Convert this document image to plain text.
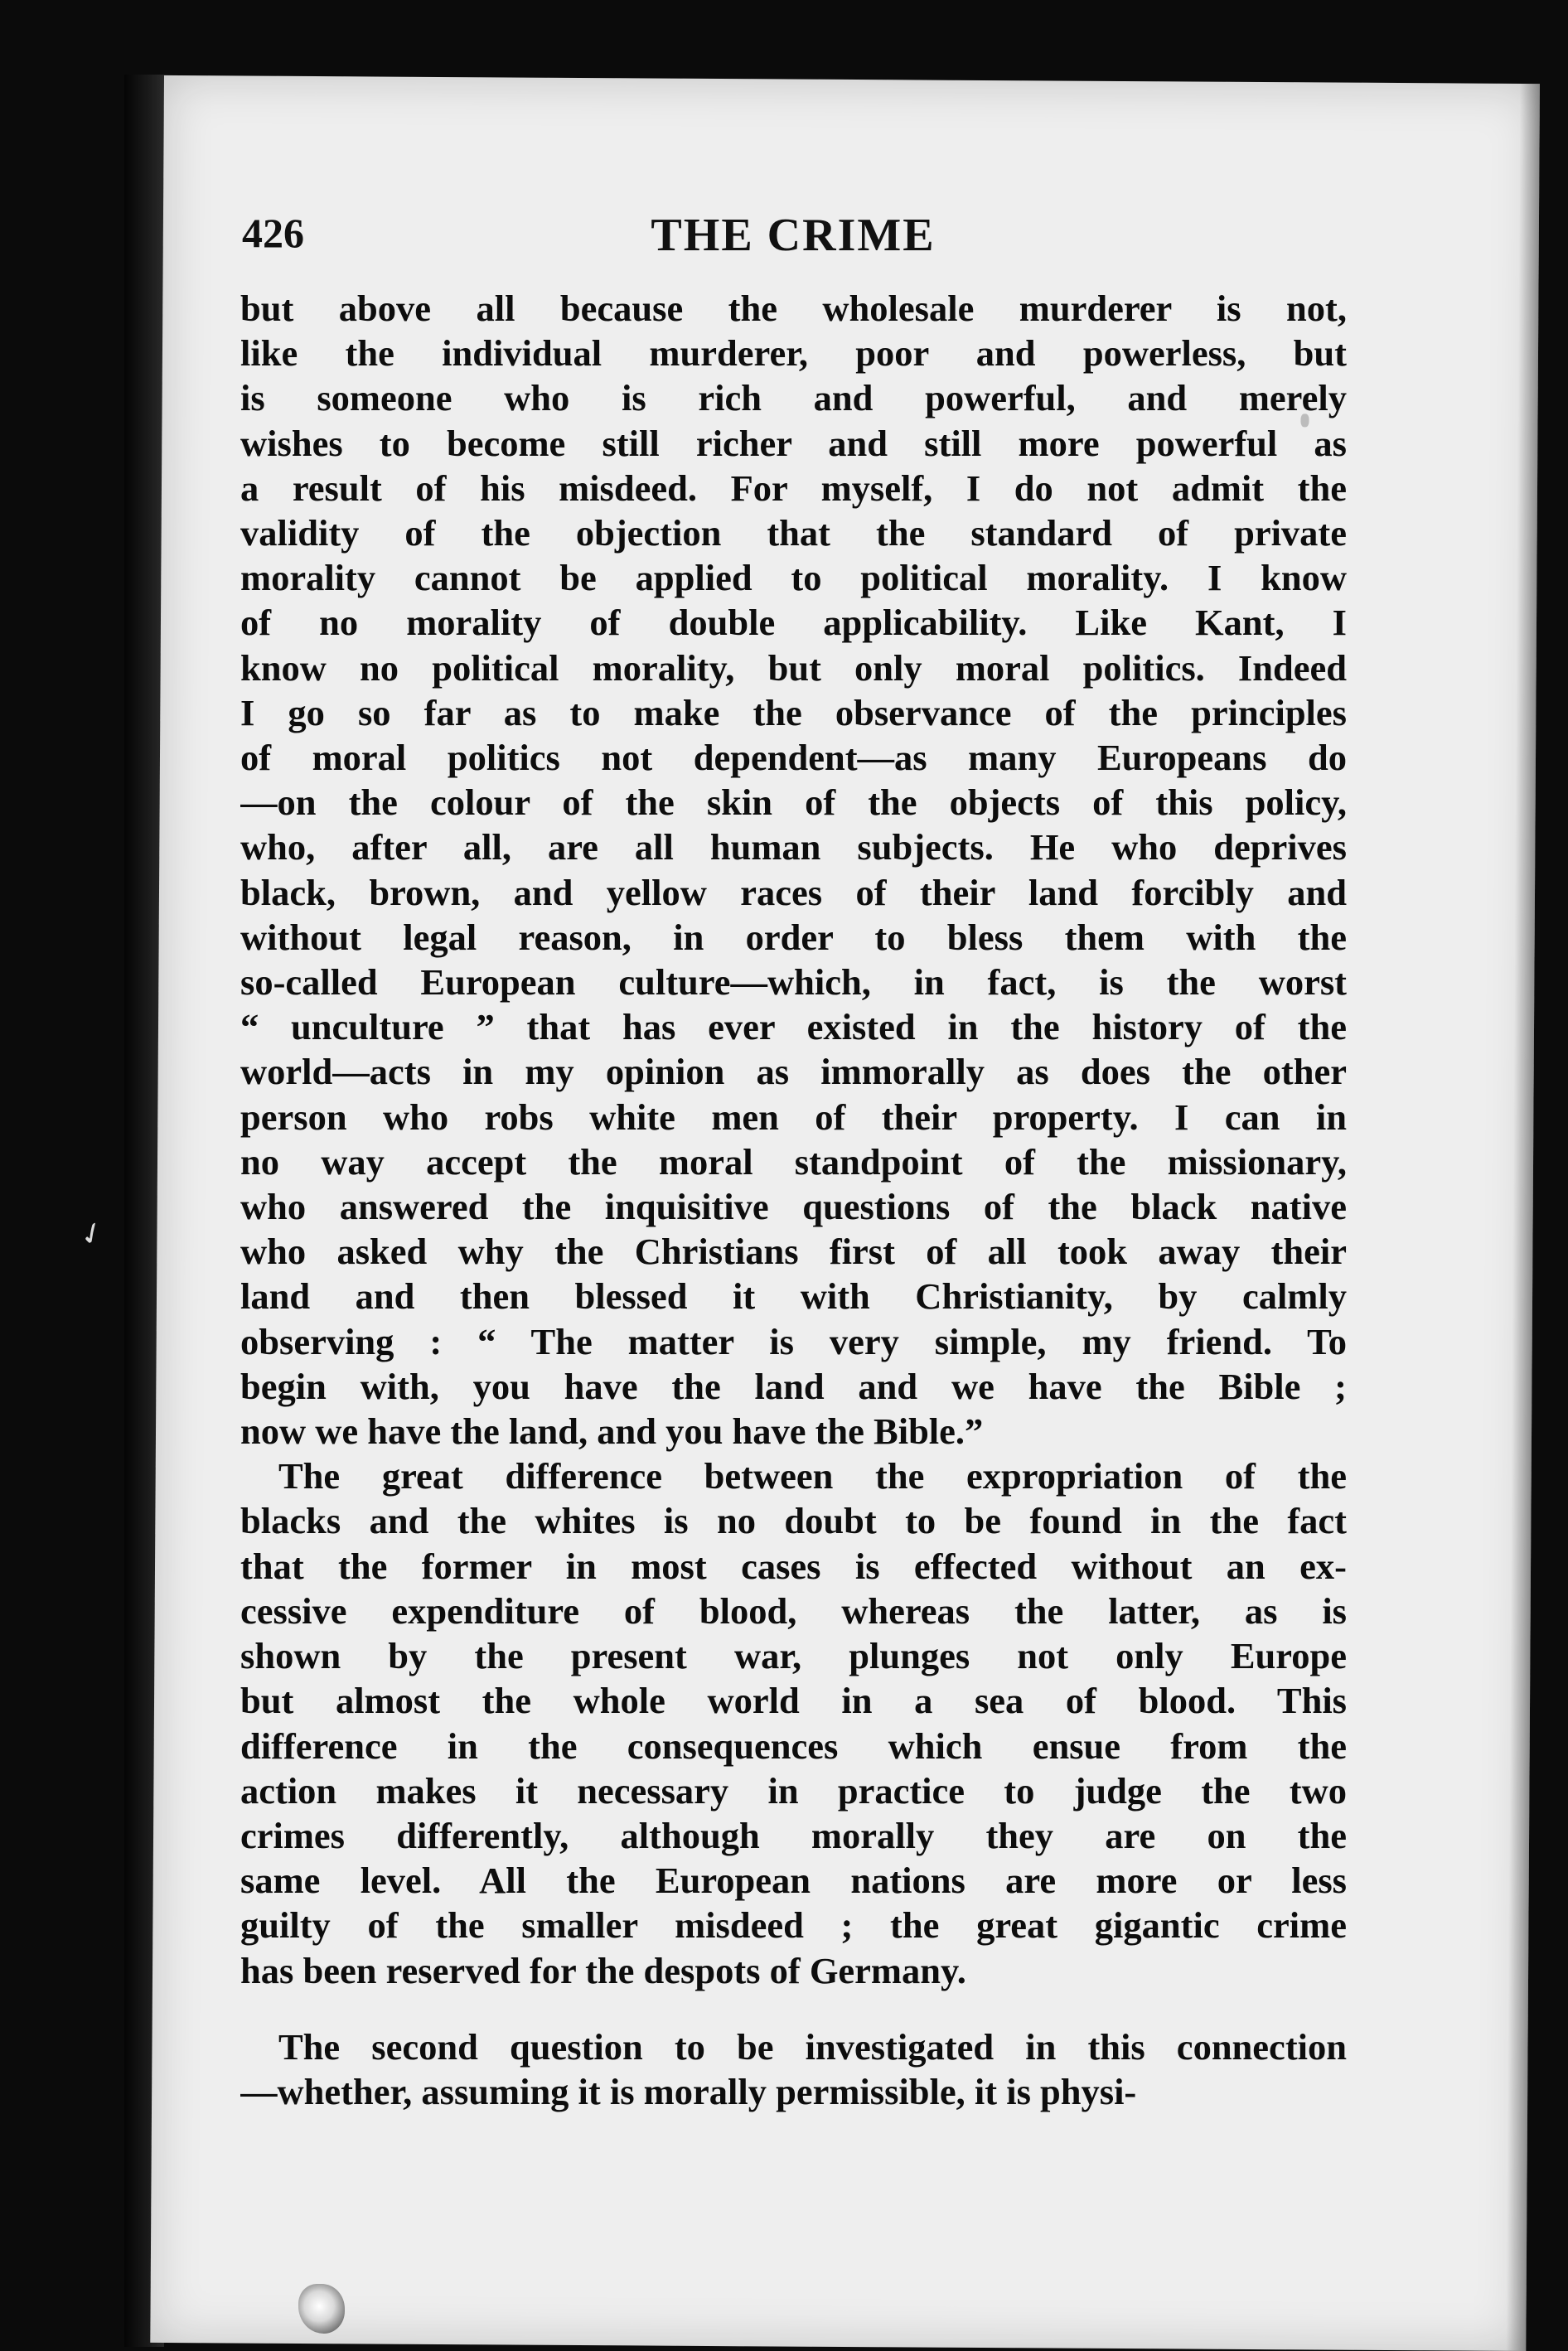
426	THE CRIME

but above all because the wholesale murderer is not,
like the individual murderer, poor and powerless, but
is someone who is rich and powerful, and merely
wishes to become still richer and still more powerful as
a result of his misdeed. For myself, I do not admit the
validity of the objection that the standard of private
morality cannot be applied to political morality. I know
of no morality of double applicability. Like Kant, I
know no political morality, but only moral politics. Indeed
I go so far as to make the observance of the principles
of moral politics not dependent—as many Europeans do
—on the colour of the skin of the objects of this policy,
who, after all, are all human subjects. He who deprives
black, brown, and yellow races of their land forcibly and
without legal reason, in order to bless them with the
so-called European culture—which, in fact, is the worst
“ unculture ” that has ever existed in the history of the
world—acts in my opinion as immorally as does the other
person who robs white men of their property. I can in
no way accept the moral standpoint of the missionary,
who answered the inquisitive questions of the black native
who asked why the Christians first of all took away their
land and then blessed it with Christianity, by calmly
observing : “ The matter is very simple, my friend. To
begin with, you have the land and we have the Bible ;
now we have the land, and you have the Bible.”

The great difference between the expropriation of the
blacks and the whites is no doubt to be found in the fact
that the former in most cases is effected without an ex-
cessive expenditure of blood, whereas the latter, as is
shown by the present war, plunges not only Europe
but almost the whole world in a sea of blood. This
difference in the consequences which ensue from the
action makes it necessary in practice to judge the two
crimes differently, although morally they are on the
same level. All the European nations are more or less
guilty of the smaller misdeed ; the great gigantic crime
has been reserved for the despots of Germany.

The second question to be investigated in this connection
—whether, assuming it is morally permissible, it is physi-

✓
